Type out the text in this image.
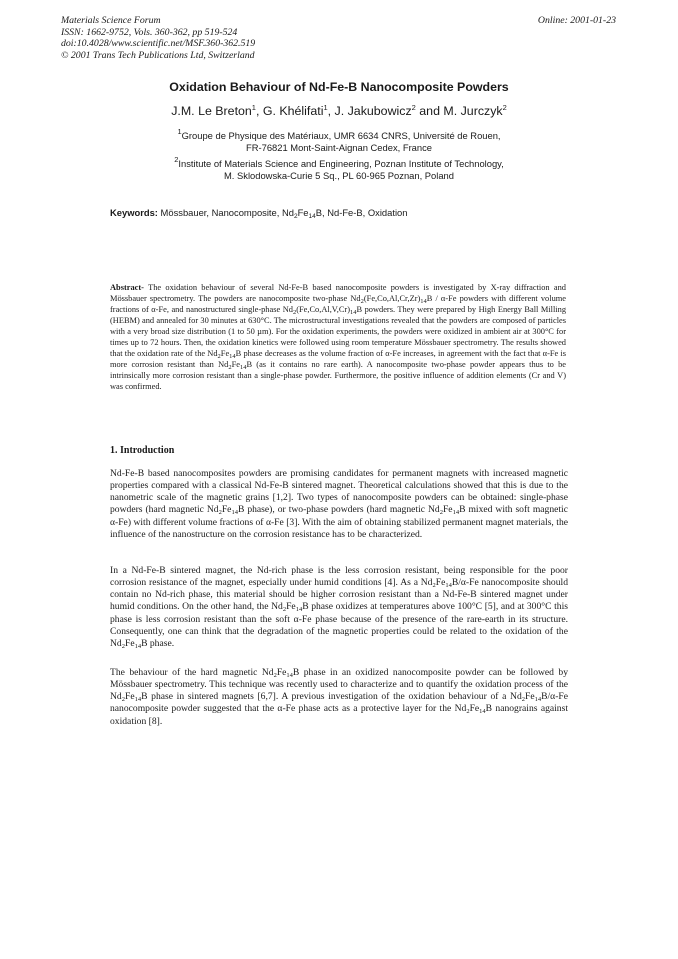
Materials Science Forum
ISSN: 1662-9752, Vols. 360-362, pp 519-524
doi:10.4028/www.scientific.net/MSF.360-362.519
© 2001 Trans Tech Publications Ltd, Switzerland
Online: 2001-01-23
Oxidation Behaviour of Nd-Fe-B Nanocomposite Powders
J.M. Le Breton$^1$, G. Khélifati$^1$, J. Jakubowicz$^2$ and M. Jurczyk$^2$
$^1$Groupe de Physique des Matériaux, UMR 6634 CNRS, Université de Rouen,
FR-76821 Mont-Saint-Aignan Cedex, France
$^2$Institute of Materials Science and Engineering, Poznan Institute of Technology,
M. Sklodowska-Curie 5 Sq., PL 60-965 Poznan, Poland
Keywords: Mössbauer, Nanocomposite, $Nd_2Fe_{14}B$, Nd-Fe-B, Oxidation
Abstract- The oxidation behaviour of several Nd-Fe-B based nanocomposite powders is investigated by X-ray diffraction and Mössbauer spectrometry. The powders are nanocomposite two-phase $Nd_2(Fe,Co,Al,Cr,Zr)_{14}B / \alpha-Fe$ powders with different volume fractions of α-Fe, and nanostructured single-phase $Nd_2(Fe,Co,Al,V,Cr)_{14}B$ powders. They were prepared by High Energy Ball Milling (HEBM) and annealed for 30 minutes at 630°C. The microstructural investigations revealed that the powders are composed of particles with a very broad size distribution (1 to 50 µm). For the oxidation experiments, the powders were oxidized in ambient air at 300°C for times up to 72 hours. Then, the oxidation kinetics were followed using room temperature Mössbauer spectrometry. The results showed that the oxidation rate of the $Nd_2Fe_{14}B$ phase decreases as the volume fraction of α-Fe increases, in agreement with the fact that α-Fe is more corrosion resistant than $Nd_2Fe_{14}B$ (as it contains no rare earth). A nanocomposite two-phase powder appears thus to be intrinsically more corrosion resistant than a single-phase powder. Furthermore, the positive influence of addition elements (Cr and V) was confirmed.
1. Introduction
Nd-Fe-B based nanocomposites powders are promising candidates for permanent magnets with increased magnetic properties compared with a classical Nd-Fe-B sintered magnet. Theoretical calculations showed that this is due to the nanometric scale of the magnetic grains [1,2]. Two types of nanocomposite powders can be obtained: single-phase powders (hard magnetic $Nd_2Fe_{14}B$ phase), or two-phase powders (hard magnetic $Nd_2Fe_{14}B$ mixed with soft magnetic α-Fe) with different volume fractions of α-Fe [3]. With the aim of obtaining stabilized permanent magnet materials, the influence of the nanostructure on the corrosion resistance has to be characterized.
In a Nd-Fe-B sintered magnet, the Nd-rich phase is the less corrosion resistant, being responsible for the poor corrosion resistance of the magnet, especially under humid conditions [4]. As a $Nd_2Fe_{14}B/\alpha-Fe$ nanocomposite should contain no Nd-rich phase, this material should be higher corrosion resistant than a Nd-Fe-B sintered magnet under humid conditions. On the other hand, the $Nd_2Fe_{14}B$ phase oxidizes at temperatures above 100°C [5], and at 300°C this phase is less corrosion resistant than the soft α-Fe phase because of the presence of the rare-earth in its structure. Consequently, one can think that the degradation of the magnetic properties could be related to the oxidation of the $Nd_2Fe_{14}B$ phase.
The behaviour of the hard magnetic $Nd_2Fe_{14}B$ phase in an oxidized nanocomposite powder can be followed by Mössbauer spectrometry. This technique was recently used to characterize and to quantify the oxidation process of the $Nd_2Fe_{14}B$ phase in sintered magnets [6,7]. A previous investigation of the oxidation behaviour of a $Nd_2Fe_{14}B/\alpha-Fe$ nanocomposite powder suggested that the α-Fe phase acts as a protective layer for the $Nd_2Fe_{14}B$ nanograins against oxidation [8].
